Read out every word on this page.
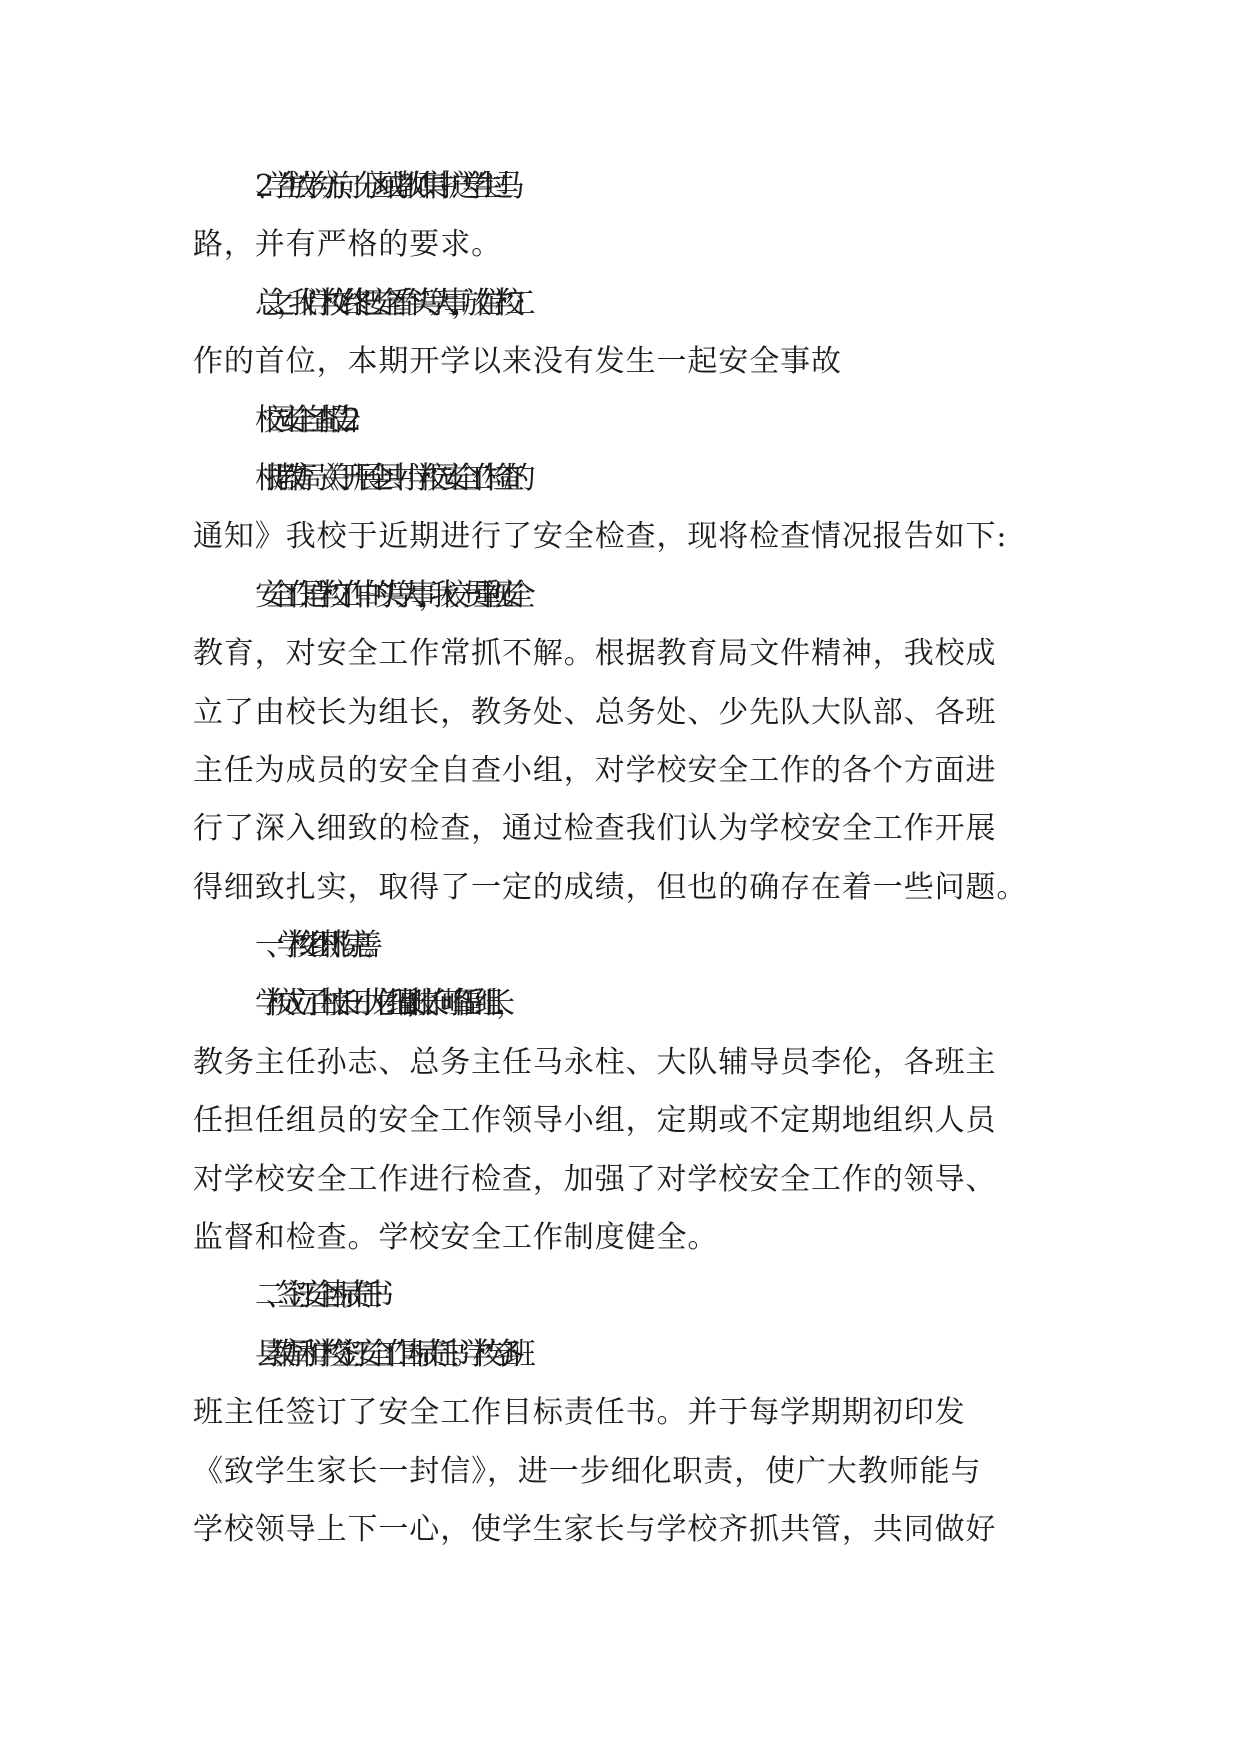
2、学生放学分方向、分区域由教师集中护送学生过马
路，并有严格的要求。
总之，我们学校始终把安全看作头等大事，放在学校工
作的首位，本期开学以来没有发生一起安全事故
校园安全自查报告2
根据教育局《关于开展全县中小学校园安全工作检查的
通知》我校于近期进行了安全检查，现将检查情况报告如下:
安全工作是学校工作中的头等大事，我校一贯重视安全
教育，对安全工作常抓不解。根据教育局文件精神，我校成
立了由校长为组长，教务处、总务处、少先队大队部、各班
主任为成员的安全自查小组，对学校安全工作的各个方面进
行了深入细致的检查，通过检查我们认为学校安全工作开展
得细致扎实，取得了一定的成绩，但也的确存在着一些问题。
一、学校组织机构完善。
学校成立了由校长田小龙任组长,副校长何峰任副组长，
教务主任孙志、总务主任马永柱、大队辅导员李伦，各班主
任担任组员的安全工作领导小组，定期或不定期地组织人员
对学校安全工作进行检查，加强了对学校安全工作的领导、
监督和检查。学校安全工作制度健全。
二、签订安全目标责任书
县教育局和学校签订安全工作目标责任书。学校与各班
班主任签订了安全工作目标责任书。并于每学期期初印发
《致学生家长一封信》，进一步细化职责，使广大教师能与
学校领导上下一心，使学生家长与学校齐抓共管，共同做好
